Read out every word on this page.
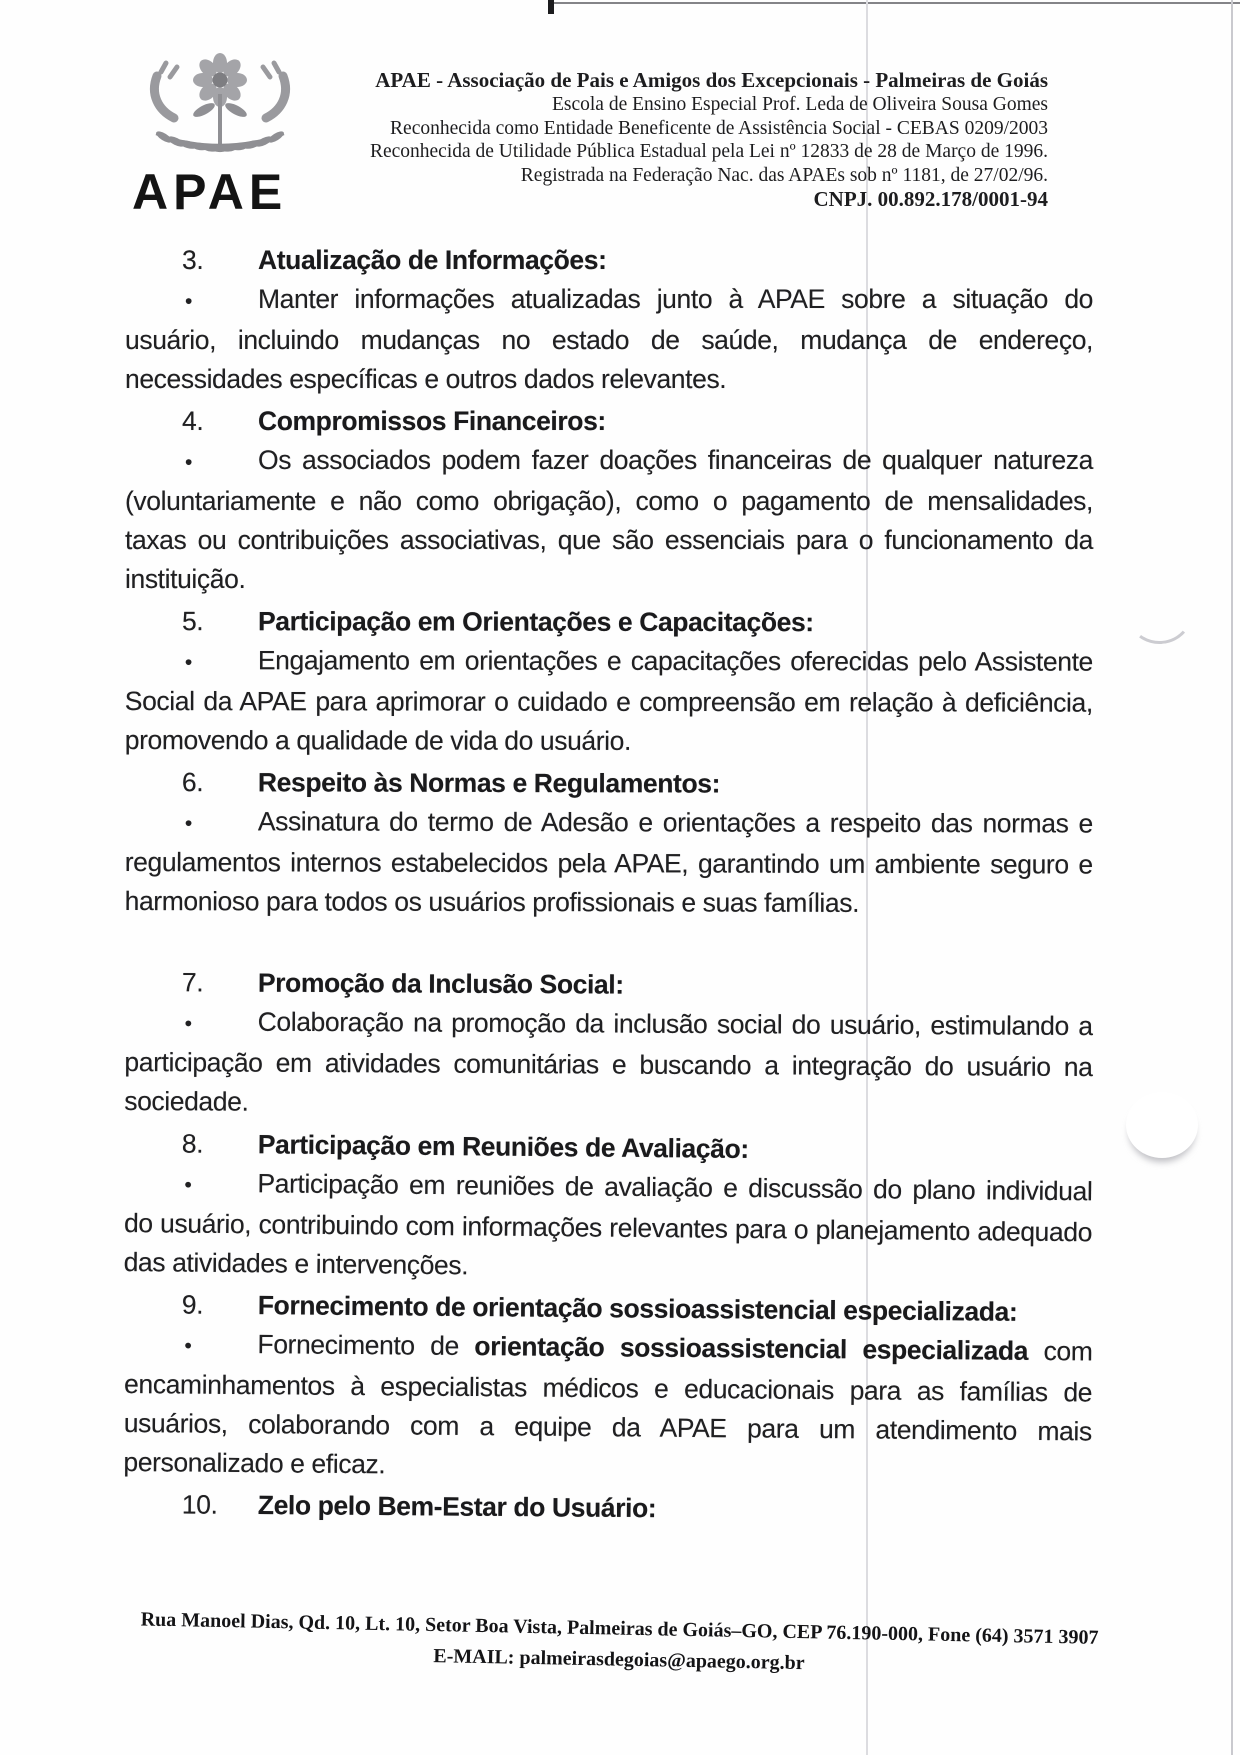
APAE
APAE - Associação de Pais e Amigos dos Excepcionais - Palmeiras de Goiás
Escola de Ensino Especial Prof. Leda de Oliveira Sousa Gomes
Reconhecida como Entidade Beneficente de Assistência Social - CEBAS 0209/2003
Reconhecida de Utilidade Pública Estadual pela Lei nº 12833 de 28 de Março de 1996.
Registrada na Federação Nac. das APAEs sob nº 1181, de 27/02/96.
CNPJ. 00.892.178/0001-94
3. Atualização de Informações:

• Manter informações atualizadas junto à APAE sobre a situação do usuário, incluindo mudanças no estado de saúde, mudança de endereço, necessidades específicas e outros dados relevantes.

4. Compromissos Financeiros:

• Os associados podem fazer doações financeiras de qualquer natureza (voluntariamente e não como obrigação), como o pagamento de mensalidades, taxas ou contribuições associativas, que são essenciais para o funcionamento da instituição.

5. Participação em Orientações e Capacitações:

• Engajamento em orientações e capacitações oferecidas pelo Assistente Social da APAE para aprimorar o cuidado e compreensão em relação à deficiência, promovendo a qualidade de vida do usuário.

6. Respeito às Normas e Regulamentos:

• Assinatura do termo de Adesão e orientações a respeito das normas e regulamentos internos estabelecidos pela APAE, garantindo um ambiente seguro e harmonioso para todos os usuários profissionais e suas famílias.

7. Promoção da Inclusão Social:

• Colaboração na promoção da inclusão social do usuário, estimulando a participação em atividades comunitárias e buscando a integração do usuário na sociedade.

8. Participação em Reuniões de Avaliação:

• Participação em reuniões de avaliação e discussão do plano individual do usuário, contribuindo com informações relevantes para o planejamento adequado das atividades e intervenções.

9. Fornecimento de orientação sossioassistencial especializada:

• Fornecimento de orientação sossioassistencial especializada com encaminhamentos à especialistas médicos e educacionais para as famílias de usuários, colaborando com a equipe da APAE para um atendimento mais personalizado e eficaz.

10. Zelo pelo Bem-Estar do Usuário:
Rua Manoel Dias, Qd. 10, Lt. 10, Setor Boa Vista, Palmeiras de Goiás–GO, CEP 76.190-000, Fone (64) 3571 3907
E-MAIL: palmeirasdegoias@apaego.org.br
